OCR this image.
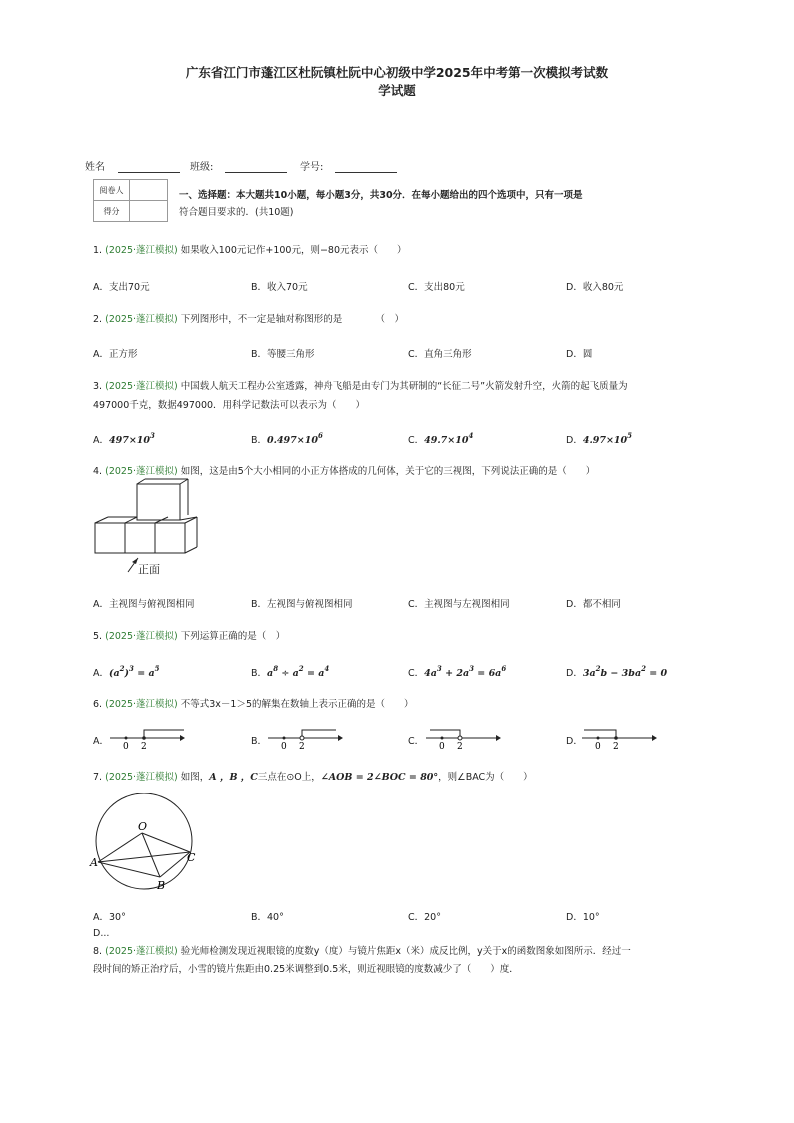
广东省江门市蓬江区杜阮镇杜阮中心初级中学2025年中考第一次模拟考试数
学试题
姓名	班级:	学号:
阅卷人	
得分	
一、选择题：本大题共10小题，每小题3分，共30分．在每小题给出的四个选项中，只有一项是
符合题目要求的．(共10题)
1. (2025·蓬江模拟) 如果收入100元记作+100元，则−80元表示（　　）
A．支出70元	B．收入70元	C．支出80元	D．收入80元
2. (2025·蓬江模拟) 下列图形中，不一定是轴对称图形的是　　　　（　）
A．正方形	B．等腰三角形	C．直角三角形	D．圆
3. (2025·蓬江模拟) 中国载人航天工程办公室透露，神舟飞船是由专门为其研制的“长征二号”火箭发射升空，火箭的起飞质量为
497000千克，数据497000．用科学记数法可以表示为（　　）
A．$497\times 10^3$	B．$0.497\times 10^6$	C．$49.7\times 10^4$	D．$4.97\times 10^5$
4. (2025·蓬江模拟) 如图，这是由5个大小相同的小正方体搭成的几何体，关于它的三视图，下列说法正确的是（　　）
正面
A．主视图与俯视图相同	B．左视图与俯视图相同	C．主视图与左视图相同	D．都不相同
5. (2025·蓬江模拟) 下列运算正确的是（　）
A．$(a^2)^3 = a^5$	B．$a^8 \div a^2 = a^4$	C．$4a^3 + 2a^3 = 6a^6$	D．$3a^2b - 3ba^2 = 0$
6. (2025·蓬江模拟) 不等式3x－1＞5的解集在数轴上表示正确的是（　　）
A． 0 2	B． 0 2	C． 0 2	D． 0 2
7. (2025·蓬江模拟) 如图，A ，B ，C三点在⊙O上，∠AOB = 2∠BOC = 80°，则∠BAC为（　　）
O
A
B
C
A．30°	B．40°	C．20°	D．10°
D...
8. (2025·蓬江模拟) 验光师检测发现近视眼镜的度数y（度）与镜片焦距x（米）成反比例，y关于x的函数图象如图所示．经过一
段时间的矫正治疗后，小雪的镜片焦距由0.25米调整到0.5米，则近视眼镜的度数减少了（　　）度．
